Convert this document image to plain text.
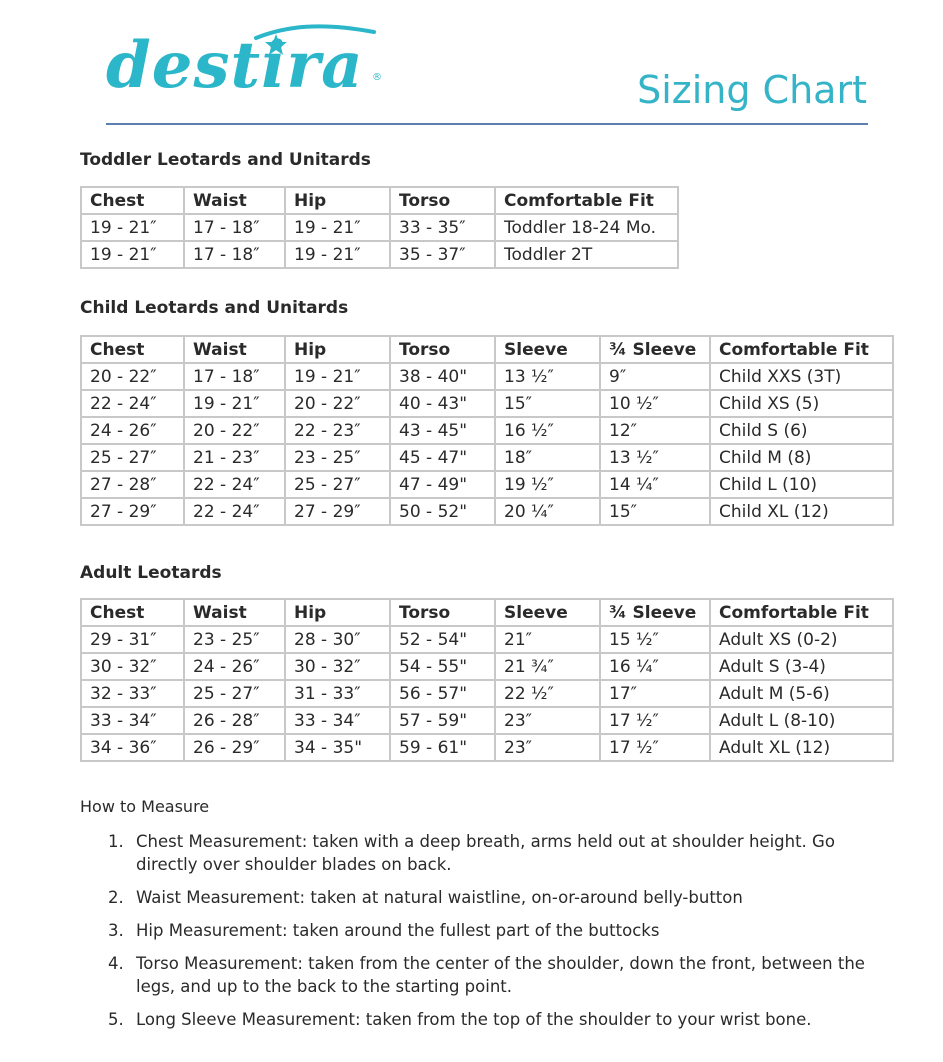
destira ®	Sizing Chart
Toddler Leotards and Unitards
Chest	Waist	Hip	Torso	Comfortable Fit
19 - 21″	17 - 18″	19 - 21″	33 - 35″	Toddler 18-24 Mo.
19 - 21″	17 - 18″	19 - 21″	35 - 37″	Toddler 2T
Child Leotards and Unitards
Chest	Waist	Hip	Torso	Sleeve	¾ Sleeve	Comfortable Fit
20 - 22″	17 - 18″	19 - 21″	38 - 40"	13 ½″	9″	Child XXS (3T)
22 - 24″	19 - 21″	20 - 22″	40 - 43"	15″	10 ½″	Child XS (5)
24 - 26″	20 - 22″	22 - 23″	43 - 45"	16 ½″	12″	Child S (6)
25 - 27″	21 - 23″	23 - 25″	45 - 47"	18″	13 ½″	Child M (8)
27 - 28″	22 - 24″	25 - 27″	47 - 49"	19 ½″	14 ¼″	Child L (10)
27 - 29″	22 - 24″	27 - 29″	50 - 52"	20 ¼″	15″	Child XL (12)
Adult Leotards
Chest	Waist	Hip	Torso	Sleeve	¾ Sleeve	Comfortable Fit
29 - 31″	23 - 25″	28 - 30″	52 - 54"	21″	15 ½″	Adult XS (0-2)
30 - 32″	24 - 26″	30 - 32″	54 - 55"	21 ¾″	16 ¼″	Adult S (3-4)
32 - 33″	25 - 27″	31 - 33″	56 - 57"	22 ½″	17″	Adult M (5-6)
33 - 34″	26 - 28″	33 - 34″	57 - 59"	23″	17 ½″	Adult L (8-10)
34 - 36″	26 - 29″	34 - 35"	59 - 61"	23″	17 ½″	Adult XL (12)
How to Measure
1. Chest Measurement: taken with a deep breath, arms held out at shoulder height. Go directly over shoulder blades on back.
2. Waist Measurement: taken at natural waistline, on-or-around belly-button
3. Hip Measurement: taken around the fullest part of the buttocks
4. Torso Measurement: taken from the center of the shoulder, down the front, between the legs, and up to the back to the starting point.
5. Long Sleeve Measurement: taken from the top of the shoulder to your wrist bone.
